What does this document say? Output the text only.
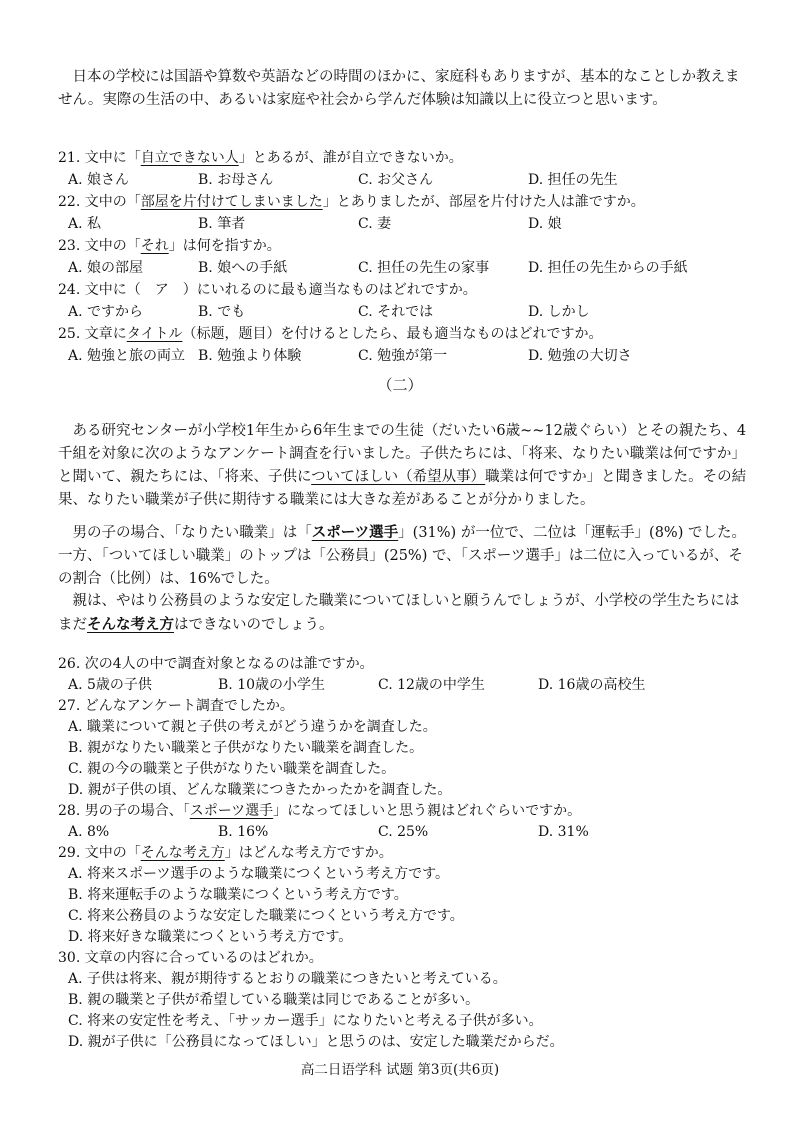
日本の学校には国語や算数や英語などの時間のほかに、家庭科もありますが、基本的なことしか教えません。実際の生活の中、あるいは家庭や社会から学んだ体験は知識以上に役立つと思います。

21. 文中に「自立できない人」とあるが、誰が自立できないか。
A. 娘さん	B. お母さん	C. お父さん	D. 担任の先生
22. 文中の「部屋を片付けてしまいました」とありましたが、部屋を片付けた人は誰ですか。
A. 私	B. 筆者	C. 妻	D. 娘
23. 文中の「それ」は何を指すか。
A. 娘の部屋	B. 娘への手紙	C. 担任の先生の家事	D. 担任の先生からの手紙
24. 文中に（　ア　）にいれるのに最も適当なものはどれですか。
A. ですから	B. でも	C. それでは	D. しかし
25. 文章にタイトル（标题，题目）を付けるとしたら、最も適当なものはどれですか。
A. 勉強と旅の両立 B. 勉強より体験	C. 勉強が第一	D. 勉強の大切さ
（二）

ある研究センターが小学校1年生から6年生までの生徒（だいたい6歳~~12歳ぐらい）とその親たち、4千組を対象に次のようなアンケート調査を行いました。子供たちには、「将来、なりたい職業は何ですか」と聞いて、親たちには、「将来、子供についてほしい（希望从事）職業は何ですか」と聞きました。その結果、なりたい職業が子供に期待する職業には大きな差があることが分かりました。

男の子の場合、「なりたい職業」は「スポーツ選手」(31%) が一位で、二位は「運転手」(8%) でした。一方、「ついてほしい職業」のトップは「公務員」(25%) で、「スポーツ選手」は二位に入っているが、その割合（比例）は、16%でした。

親は、やはり公務員のような安定した職業についてほしいと願うんでしょうが、小学校の学生たちにはまだそんな考え方はできないのでしょう。

26. 次の4人の中で調査対象となるのは誰ですか。
A. 5歳の子供	B. 10歳の小学生	C. 12歳の中学生	D. 16歳の高校生
27. どんなアンケート調査でしたか。
A. 職業について親と子供の考えがどう違うかを調査した。
B. 親がなりたい職業と子供がなりたい職業を調査した。
C. 親の今の職業と子供がなりたい職業を調査した。
D. 親が子供の頃、どんな職業につきたかったかを調査した。
28. 男の子の場合、「スポーツ選手」になってほしいと思う親はどれぐらいですか。
A. 8%	B. 16%	C. 25%	D. 31%
29. 文中の「そんな考え方」はどんな考え方ですか。
A. 将来スポーツ選手のような職業につくという考え方です。
B. 将来運転手のような職業につくという考え方です。
C. 将来公務員のような安定した職業につくという考え方です。
D. 将来好きな職業につくという考え方です。
30. 文章の内容に合っているのはどれか。
A. 子供は将来、親が期待するとおりの職業につきたいと考えている。
B. 親の職業と子供が希望している職業は同じであることが多い。
C. 将来の安定性を考え、「サッカー選手」になりたいと考える子供が多い。
D. 親が子供に「公務員になってほしい」と思うのは、安定した職業だからだ。
高二日语学科 试题 第3页(共6页)
